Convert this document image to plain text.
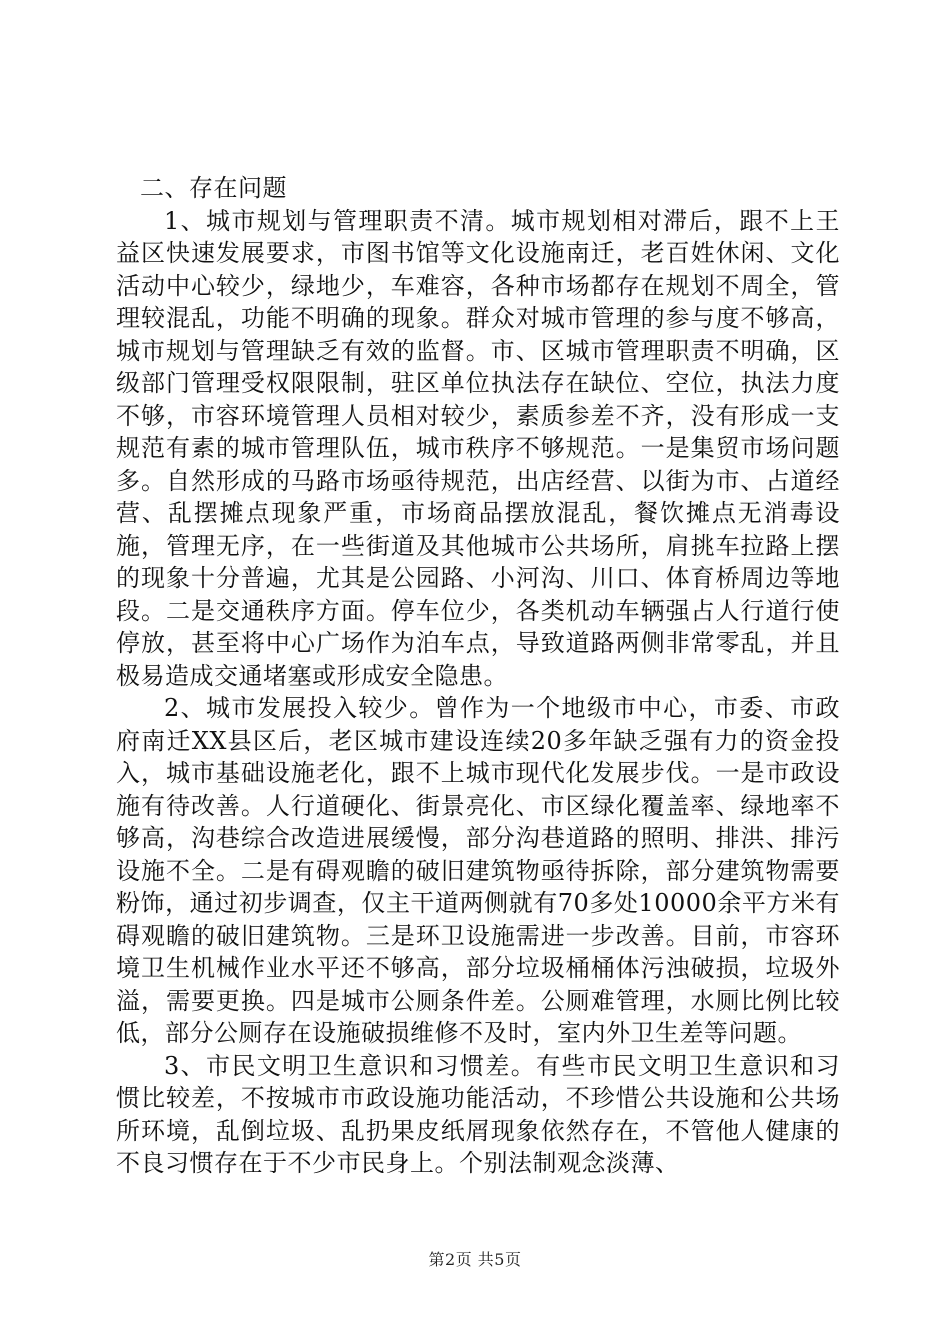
二、存在问题

1、城市规划与管理职责不清。城市规划相对滞后，跟不上王益区快速发展要求，市图书馆等文化设施南迁，老百姓休闲、文化活动中心较少，绿地少，车难容，各种市场都存在规划不周全，管理较混乱，功能不明确的现象。群众对城市管理的参与度不够高，城市规划与管理缺乏有效的监督。市、区城市管理职责不明确，区级部门管理受权限限制，驻区单位执法存在缺位、空位，执法力度不够，市容环境管理人员相对较少，素质参差不齐，没有形成一支规范有素的城市管理队伍，城市秩序不够规范。一是集贸市场问题多。自然形成的马路市场亟待规范，出店经营、以街为市、占道经营、乱摆摊点现象严重，市场商品摆放混乱，餐饮摊点无消毒设施，管理无序，在一些街道及其他城市公共场所，肩挑车拉路上摆的现象十分普遍，尤其是公园路、小河沟、川口、体育桥周边等地段。二是交通秩序方面。停车位少，各类机动车辆强占人行道行使停放，甚至将中心广场作为泊车点，导致道路两侧非常零乱，并且极易造成交通堵塞或形成安全隐患。

2、城市发展投入较少。曾作为一个地级市中心，市委、市政府南迁XX县区后，老区城市建设连续20多年缺乏强有力的资金投入，城市基础设施老化，跟不上城市现代化发展步伐。一是市政设施有待改善。人行道硬化、街景亮化、市区绿化覆盖率、绿地率不够高，沟巷综合改造进展缓慢，部分沟巷道路的照明、排洪、排污设施不全。二是有碍观瞻的破旧建筑物亟待拆除，部分建筑物需要粉饰，通过初步调查，仅主干道两侧就有70多处10000余平方米有碍观瞻的破旧建筑物。三是环卫设施需进一步改善。目前，市容环境卫生机械作业水平还不够高，部分垃圾桶桶体污浊破损，垃圾外溢，需要更换。四是城市公厕条件差。公厕难管理，水厕比例比较低，部分公厕存在设施破损维修不及时，室内外卫生差等问题。

3、市民文明卫生意识和习惯差。有些市民文明卫生意识和习惯比较差，不按城市市政设施功能活动，不珍惜公共设施和公共场所环境，乱倒垃圾、乱扔果皮纸屑现象依然存在，不管他人健康的不良习惯存在于不少市民身上。个别法制观念淡薄、

第2页 共5页
